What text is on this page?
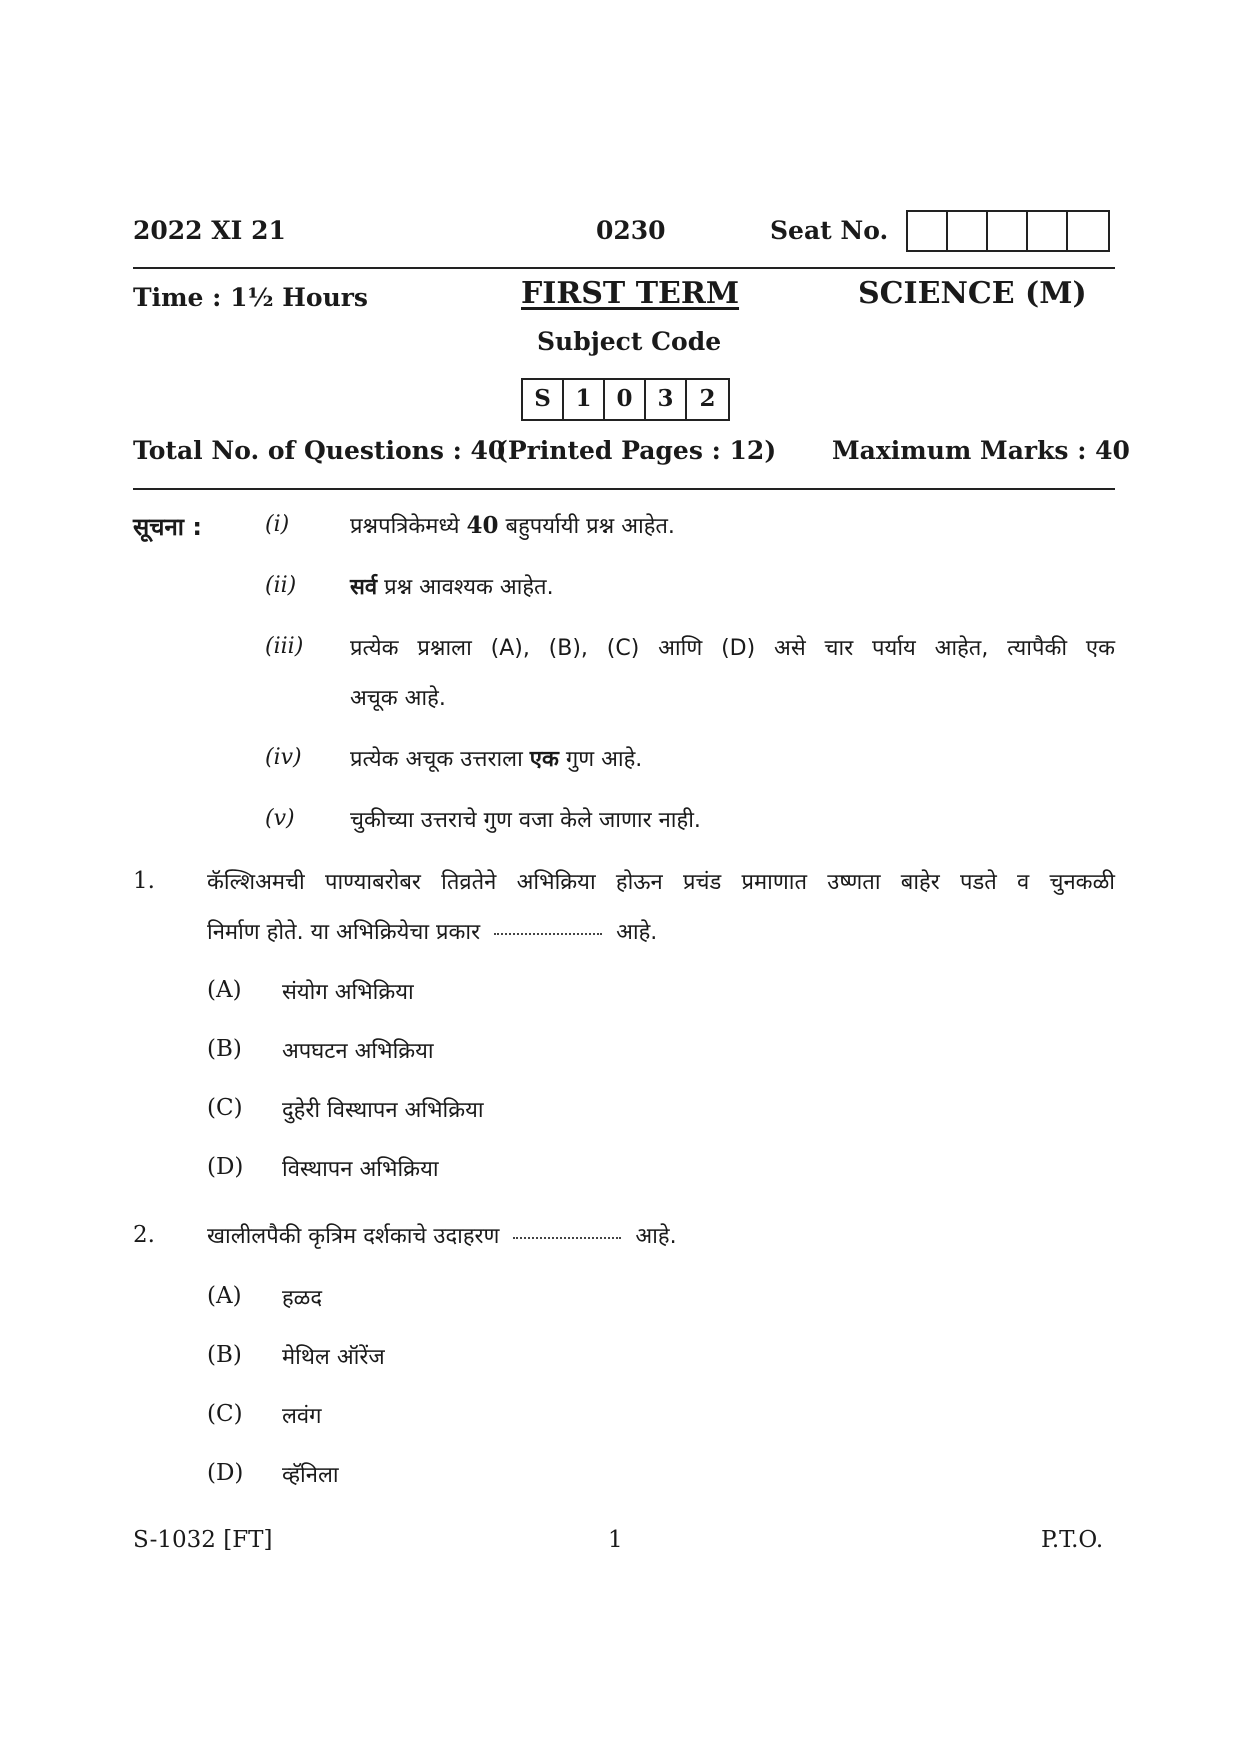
2022 XI 21	0230	Seat No.
Time : 1½ Hours	FIRST TERM	SCIENCE (M)
Subject Code
S	1	0	3	2
Total No. of Questions : 40
(Printed Pages : 12) Maximum Marks : 40
सूचना :	(i)	प्रश्नपत्रिकेमध्ये 40 बहुपर्यायी प्रश्न आहेत.
(ii) सर्व प्रश्न आवश्यक आहेत.
(iii) प्रत्येक प्रश्नाला (A), (B), (C) आणि (D) असे चार पर्याय आहेत, त्यापैकी एक
अचूक आहे.
(iv) प्रत्येक अचूक उत्तराला एक गुण आहे.
(v)	चुकीच्या उत्तराचे गुण वजा केले जाणार नाही.
1. कॅल्शिअमची पाण्याबरोबर तिव्रतेने अभिक्रिया होऊन प्रचंड प्रमाणात उष्णता बाहेर पडते व चुनकळी
निर्माण होते. या अभिक्रियेचा प्रकार	आहे.
(A) संयोग अभिक्रिया
(B) अपघटन अभिक्रिया
(C) दुहेरी विस्थापन अभिक्रिया
(D) विस्थापन अभिक्रिया
2. खालीलपैकी कृत्रिम दर्शकाचे उदाहरण	आहे.
(A) हळद
(B) मेथिल ऑरेंज
(C) लवंग
(D) व्हॅनिला
S-1032 [FT]	1	P.T.O.
